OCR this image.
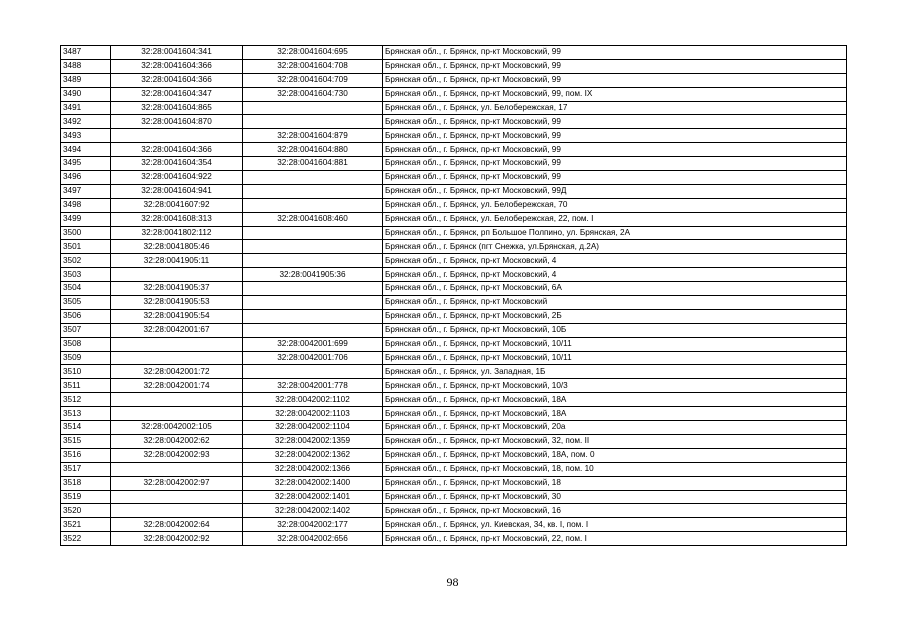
3487	32:28:0041604:341	32:28:0041604:695	Брянская обл., г. Брянск, пр-кт Московский, 99
3488	32:28:0041604:366	32:28:0041604:708	Брянская обл., г. Брянск, пр-кт Московский, 99
3489	32:28:0041604:366	32:28:0041604:709	Брянская обл., г. Брянск, пр-кт Московский, 99
3490	32:28:0041604:347	32:28:0041604:730	Брянская обл., г. Брянск, пр-кт Московский, 99, пом. IX
3491	32:28:0041604:865		Брянская обл., г. Брянск, ул. Белобережская, 17
3492	32:28:0041604:870		Брянская обл., г. Брянск, пр-кт Московский, 99
3493		32:28:0041604:879	Брянская обл., г. Брянск, пр-кт Московский, 99
3494	32:28:0041604:366	32:28:0041604:880	Брянская обл., г. Брянск, пр-кт Московский, 99
3495	32:28:0041604:354	32:28:0041604:881	Брянская обл., г. Брянск, пр-кт Московский, 99
3496	32:28:0041604:922		Брянская обл., г. Брянск, пр-кт Московский, 99
3497	32:28:0041604:941		Брянская обл., г. Брянск, пр-кт Московский, 99Д
3498	32:28:0041607:92		Брянская обл., г. Брянск, ул. Белобережская, 70
3499	32:28:0041608:313	32:28:0041608:460	Брянская обл., г. Брянск, ул. Белобережская, 22, пом. I
3500	32:28:0041802:112		Брянская обл., г. Брянск, рп Большое Полпино, ул. Брянская, 2А
3501	32:28:0041805:46		Брянская обл., г. Брянск (пгт Снежка, ул.Брянская, д.2А)
3502	32:28:0041905:11		Брянская обл., г. Брянск, пр-кт Московский, 4
3503		32:28:0041905:36	Брянская обл., г. Брянск, пр-кт Московский, 4
3504	32:28:0041905:37		Брянская обл., г. Брянск, пр-кт Московский, 6А
3505	32:28:0041905:53		Брянская обл., г. Брянск, пр-кт Московский
3506	32:28:0041905:54		Брянская обл., г. Брянск, пр-кт Московский, 2Б
3507	32:28:0042001:67		Брянская обл., г. Брянск, пр-кт Московский, 10Б
3508		32:28:0042001:699	Брянская обл., г. Брянск, пр-кт Московский, 10/11
3509		32:28:0042001:706	Брянская обл., г. Брянск, пр-кт Московский, 10/11
3510	32:28:0042001:72		Брянская обл., г. Брянск, ул. Западная, 1Б
3511	32:28:0042001:74	32:28:0042001:778	Брянская обл., г. Брянск, пр-кт Московский, 10/3
3512		32:28:0042002:1102	Брянская обл., г. Брянск, пр-кт Московский, 18А
3513		32:28:0042002:1103	Брянская обл., г. Брянск, пр-кт Московский, 18А
3514	32:28:0042002:105	32:28:0042002:1104	Брянская обл., г. Брянск, пр-кт Московский, 20а
3515	32:28:0042002:62	32:28:0042002:1359	Брянская обл., г. Брянск, пр-кт Московский, 32, пом. II
3516	32:28:0042002:93	32:28:0042002:1362	Брянская обл., г. Брянск, пр-кт Московский, 18А, пом. 0
3517		32:28:0042002:1366	Брянская обл., г. Брянск, пр-кт Московский, 18, пом. 10
3518	32:28:0042002:97	32:28:0042002:1400	Брянская обл., г. Брянск, пр-кт Московский, 18
3519		32:28:0042002:1401	Брянская обл., г. Брянск, пр-кт Московский, 30
3520		32:28:0042002:1402	Брянская обл., г. Брянск, пр-кт Московский, 16
3521	32:28:0042002:64	32:28:0042002:177	Брянская обл., г. Брянск, ул. Киевская, 34, кв. I, пом. I
3522	32:28:0042002:92	32:28:0042002:656	Брянская обл., г. Брянск, пр-кт Московский, 22, пом. I
98
